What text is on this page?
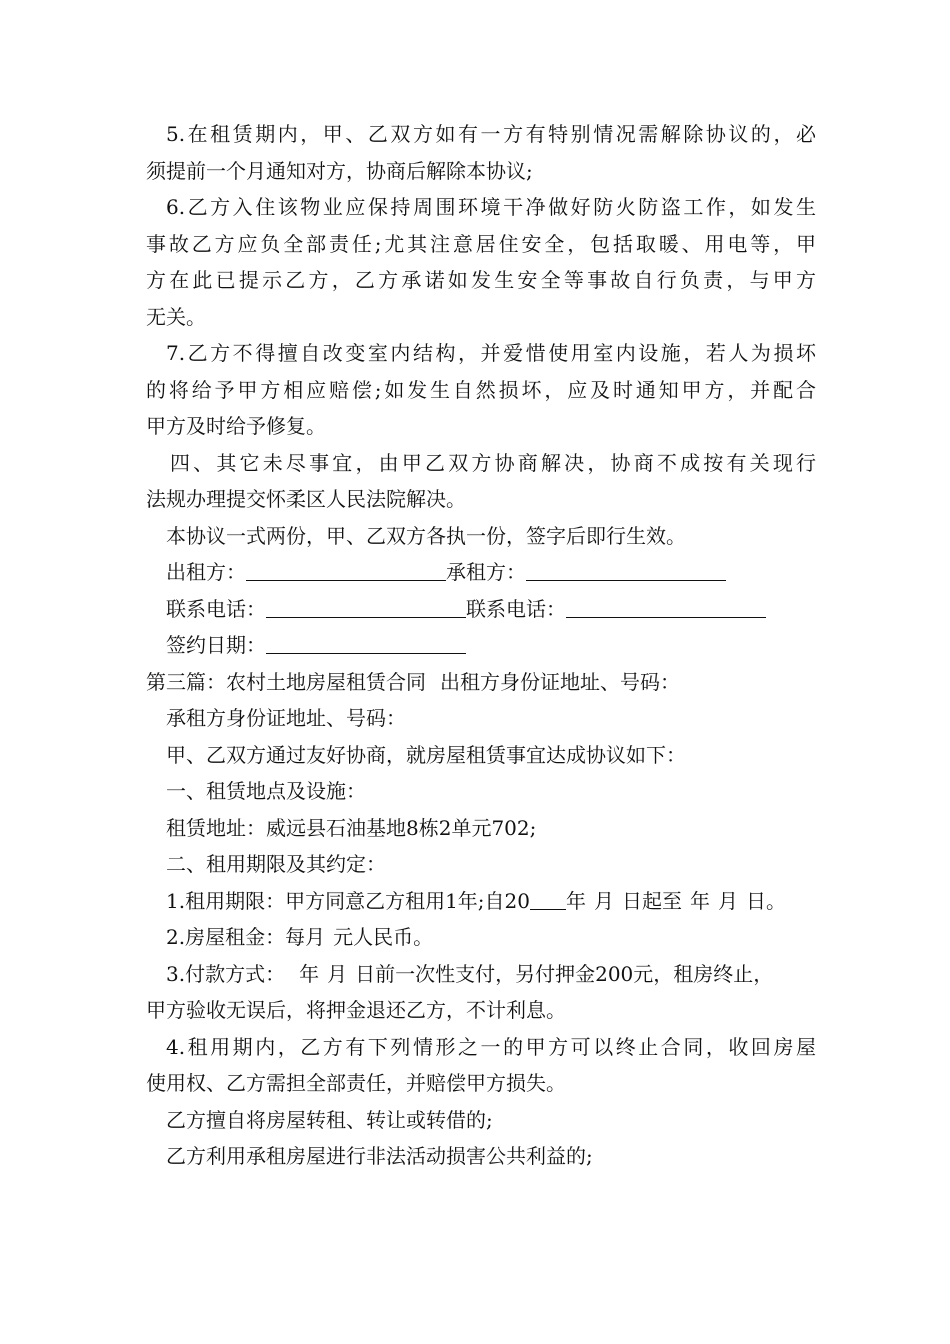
5.在租赁期内，甲、乙双方如有一方有特别情况需解除协议的，必
须提前一个月通知对方，协商后解除本协议;
6.乙方入住该物业应保持周围环境干净做好防火防盗工作，如发生
事故乙方应负全部责任;尤其注意居住安全，包括取暖、用电等，甲
方在此已提示乙方，乙方承诺如发生安全等事故自行负责，与甲方
无关。
7.乙方不得擅自改变室内结构，并爱惜使用室内设施，若人为损坏
的将给予甲方相应赔偿;如发生自然损坏，应及时通知甲方，并配合
甲方及时给予修复。
四、其它未尽事宜，由甲乙双方协商解决，协商不成按有关现行
法规办理提交怀柔区人民法院解决。
本协议一式两份，甲、乙双方各执一份，签字后即行生效。
出租方：	承租方：
联系电话：	联系电话：
签约日期：
第三篇：农村土地房屋租赁合同 出租方身份证地址、号码：
承租方身份证地址、号码：
甲、乙双方通过友好协商，就房屋租赁事宜达成协议如下：
一、租赁地点及设施：
租赁地址：威远县石油基地8栋2单元702;
二、租用期限及其约定：
1.租用期限：甲方同意乙方租用1年;自20 年 月 日起至 年 月 日。
2.房屋租金：每月 元人民币。
3.付款方式： 年 月 日前一次性支付，另付押金200元，租房终止，
甲方验收无误后，将押金退还乙方，不计利息。
4.租用期内，乙方有下列情形之一的甲方可以终止合同，收回房屋
使用权、乙方需担全部责任，并赔偿甲方损失。
乙方擅自将房屋转租、转让或转借的;
乙方利用承租房屋进行非法活动损害公共利益的;
